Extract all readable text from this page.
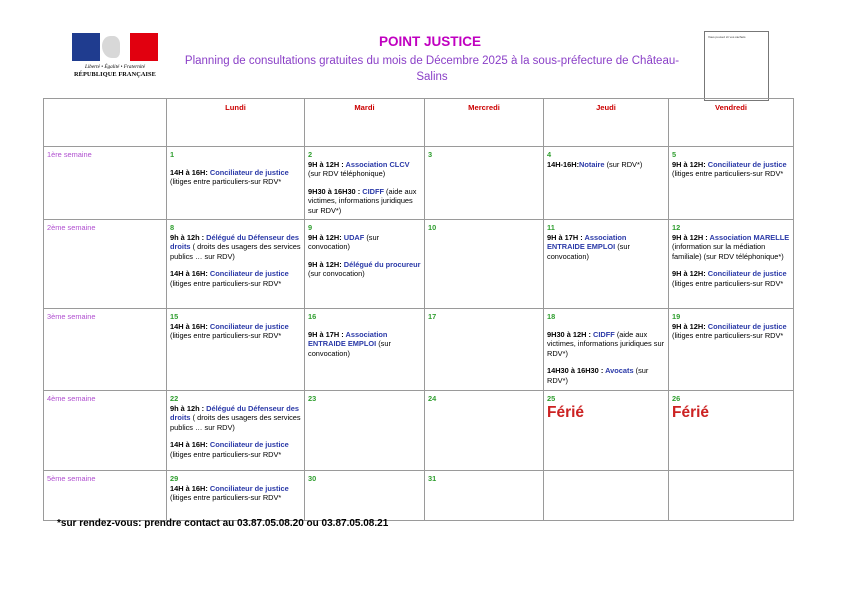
Liberté • Égalité • Fraternité
RÉPUBLIQUE FRANÇAISE
POINT JUSTICE
Planning de consultations gratuites du mois de Décembre 2025 à la sous-préfecture de Château-Salins
Vous pouvez ici vos cachets
	Lundi	Mardi	Mercredi	Jeudi	Vendredi
1ère semaine	1
14H à 16H: Conciliateur de justice (litiges entre particuliers-sur RDV*	2
9H à 12H : Association CLCV (sur RDV téléphonique)
9H30 à 16H30 : CIDFF (aide aux victimes, informations juridiques sur RDV*)	3	4
14H-16H:Notaire (sur RDV*)	5
9H à 12H: Conciliateur de justice (litiges entre particuliers-sur RDV*

2ème semaine	8
9h à 12h : Délégué du Défenseur des droits ( droits des usagers des services publics … sur RDV)
14H à 16H: Conciliateur de justice (litiges entre particuliers-sur RDV*	9
9H à 12H: UDAF (sur convocation)
9H à 12H: Délégué du procureur (sur convocation)	10	11
9H à 17H : Association ENTRAIDE EMPLOI (sur convocation)	12
9H à 12H : Association MARELLE (information sur la médiation familiale) (sur RDV téléphonique*)
9H à 12H: Conciliateur de justice (litiges entre particuliers-sur RDV*

3ème semaine	15
14H à 16H: Conciliateur de justice (litiges entre particuliers-sur RDV*	16
9H à 17H : Association ENTRAIDE EMPLOI (sur convocation)	17	18
9H30 à 12H : CIDFF (aide aux victimes, informations juridiques sur RDV*)
14H30 à 16H30 : Avocats (sur RDV*)	19
9H à 12H: Conciliateur de justice (litiges entre particuliers-sur RDV*

4ème semaine	22
9h à 12h : Délégué du Défenseur des droits ( droits des usagers des services publics … sur RDV)
14H à 16H: Conciliateur de justice (litiges entre particuliers-sur RDV*	23	24	25
Férié	26
Férié

5ème semaine	29
14H à 16H: Conciliateur de justice (litiges entre particuliers-sur RDV*	30	31		

*sur rendez-vous: prendre contact au 03.87.05.08.20 ou 03.87.05.08.21
